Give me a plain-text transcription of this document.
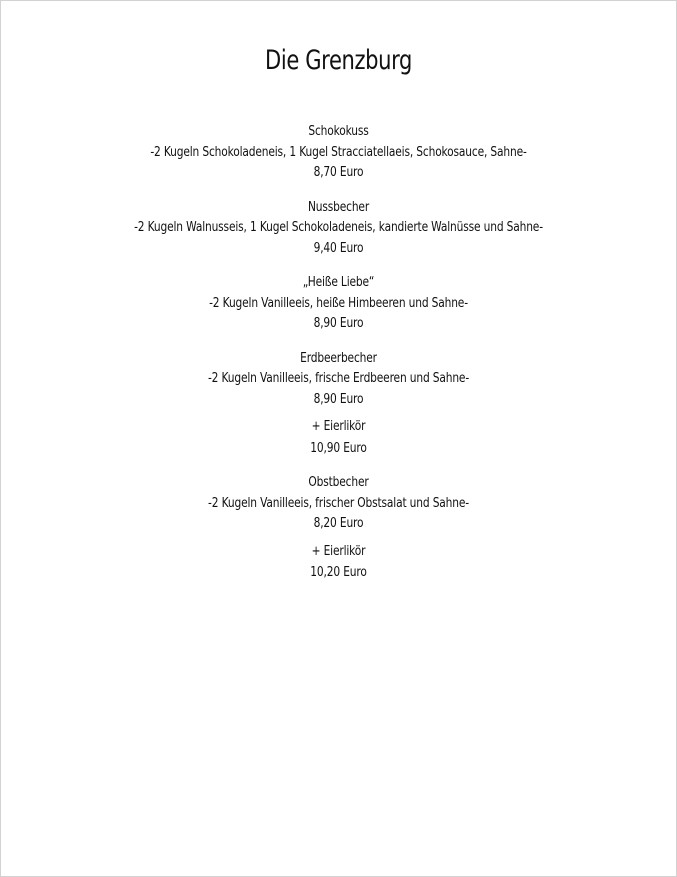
Die Grenzburg
Schokokuss
-2 Kugeln Schokoladeneis, 1 Kugel Stracciatellaeis, Schokosauce, Sahne-
8,70 Euro
Nussbecher
-2 Kugeln Walnusseis, 1 Kugel Schokoladeneis, kandierte Walnüsse und Sahne-
9,40 Euro
„Heiße Liebe“
-2 Kugeln Vanilleeis, heiße Himbeeren und Sahne-
8,90 Euro
Erdbeerbecher
-2 Kugeln Vanilleeis, frische Erdbeeren und Sahne-
8,90 Euro
+ Eierlikör
10,90 Euro
Obstbecher
-2 Kugeln Vanilleeis, frischer Obstsalat und Sahne-
8,20 Euro
+ Eierlikör
10,20 Euro
